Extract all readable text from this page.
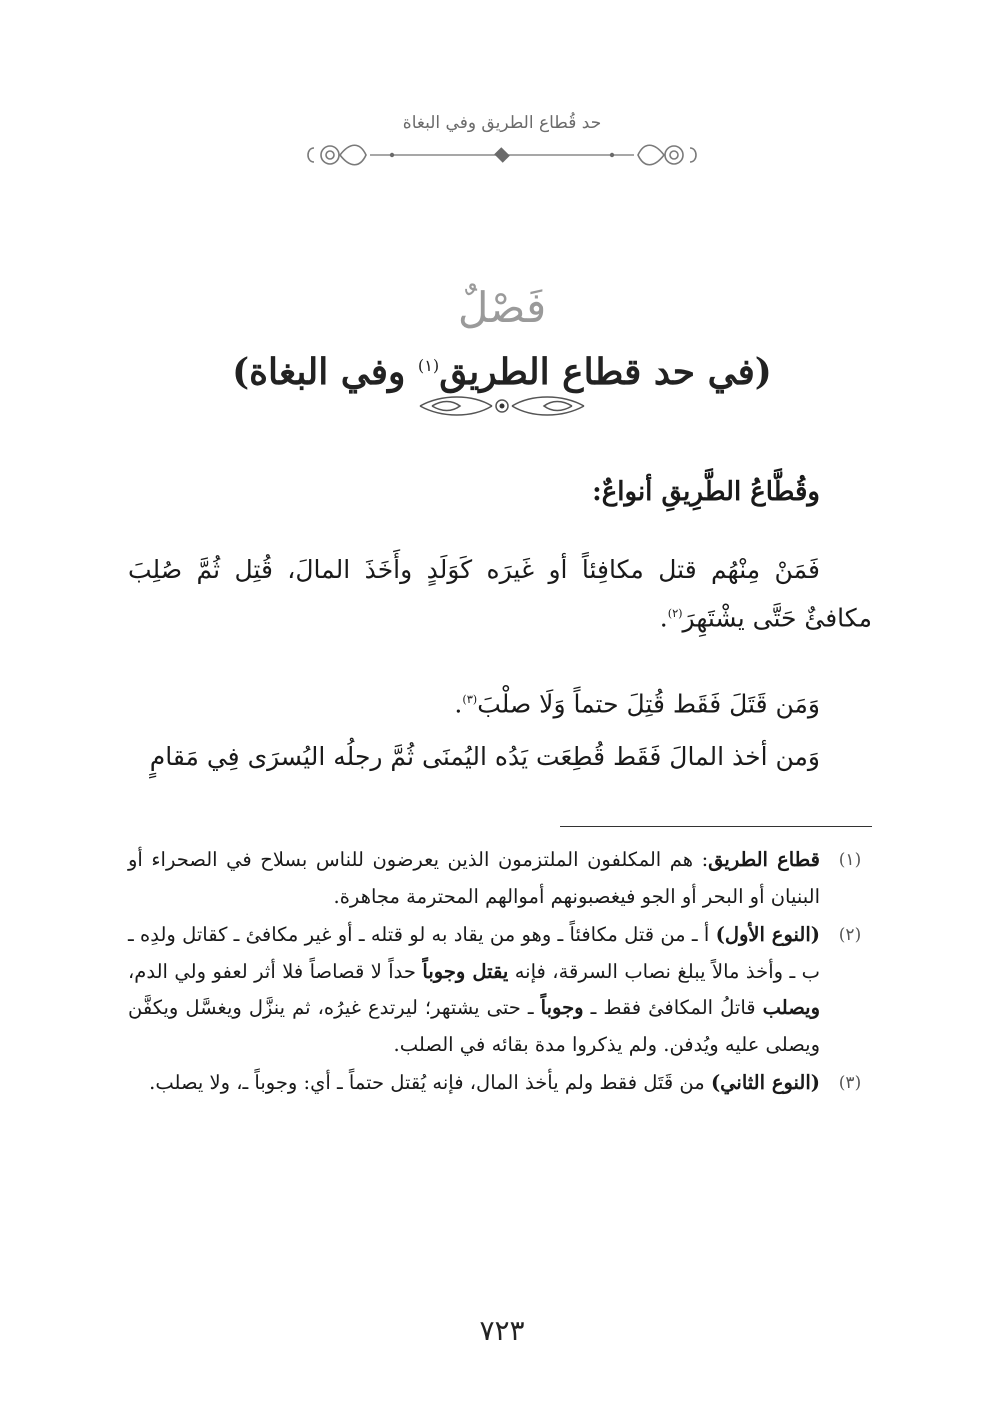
حد قُطاع الطريق وفي البغاة
فَصْلٌ
(في حد قطاع الطريق$^{(١)}$ وفي البغاة)
وقُطَّاعُ الطَّرِيقِ أنواعٌ:
فَمَنْ مِنْهُم قتل مكافِئاً أو غَيرَه كَوَلَدٍ وأَخَذَ المالَ، قُتِل ثُمَّ صُلِبَ مكافئٌ حَتَّى يشْتَهِرَ$^{(٢)}$.
وَمَن قَتَلَ فَقَط قُتِلَ حتماً وَلَا صلْبَ$^{(٣)}$.
وَمن أخذ المالَ فَقَط قُطِعَت يَدُه اليُمنَى ثُمَّ رجلُه اليُسرَى فِي مَقامٍ
(١)
قطاع الطريق: هم المكلفون الملتزمون الذين يعرضون للناس بسلاح في الصحراء أو البنيان أو البحر أو الجو فيغصبونهم أموالهم المحترمة مجاهرة.
(٢)
(النوع الأول) أ ـ من قتل مكافئاً ـ وهو من يقاد به لو قتله ـ أو غير مكافئ ـ كقاتل ولدِه ـ ب ـ وأخذ مالاً يبلغ نصاب السرقة، فإنه يقتل وجوباً حداً لا قصاصاً فلا أثر لعفو ولي الدم، ويصلب قاتلُ المكافئ فقط ـ وجوباً ـ حتى يشتهر؛ ليرتدع غيرُه، ثم ينزَّل ويغسَّل ويكفَّن ويصلى عليه ويُدفن. ولم يذكروا مدة بقائه في الصلب.
(٣)
(النوع الثاني) من قَتَل فقط ولم يأخذ المال، فإنه يُقتل حتماً ـ أي: وجوباً ـ، ولا يصلب.
٧٢٣
